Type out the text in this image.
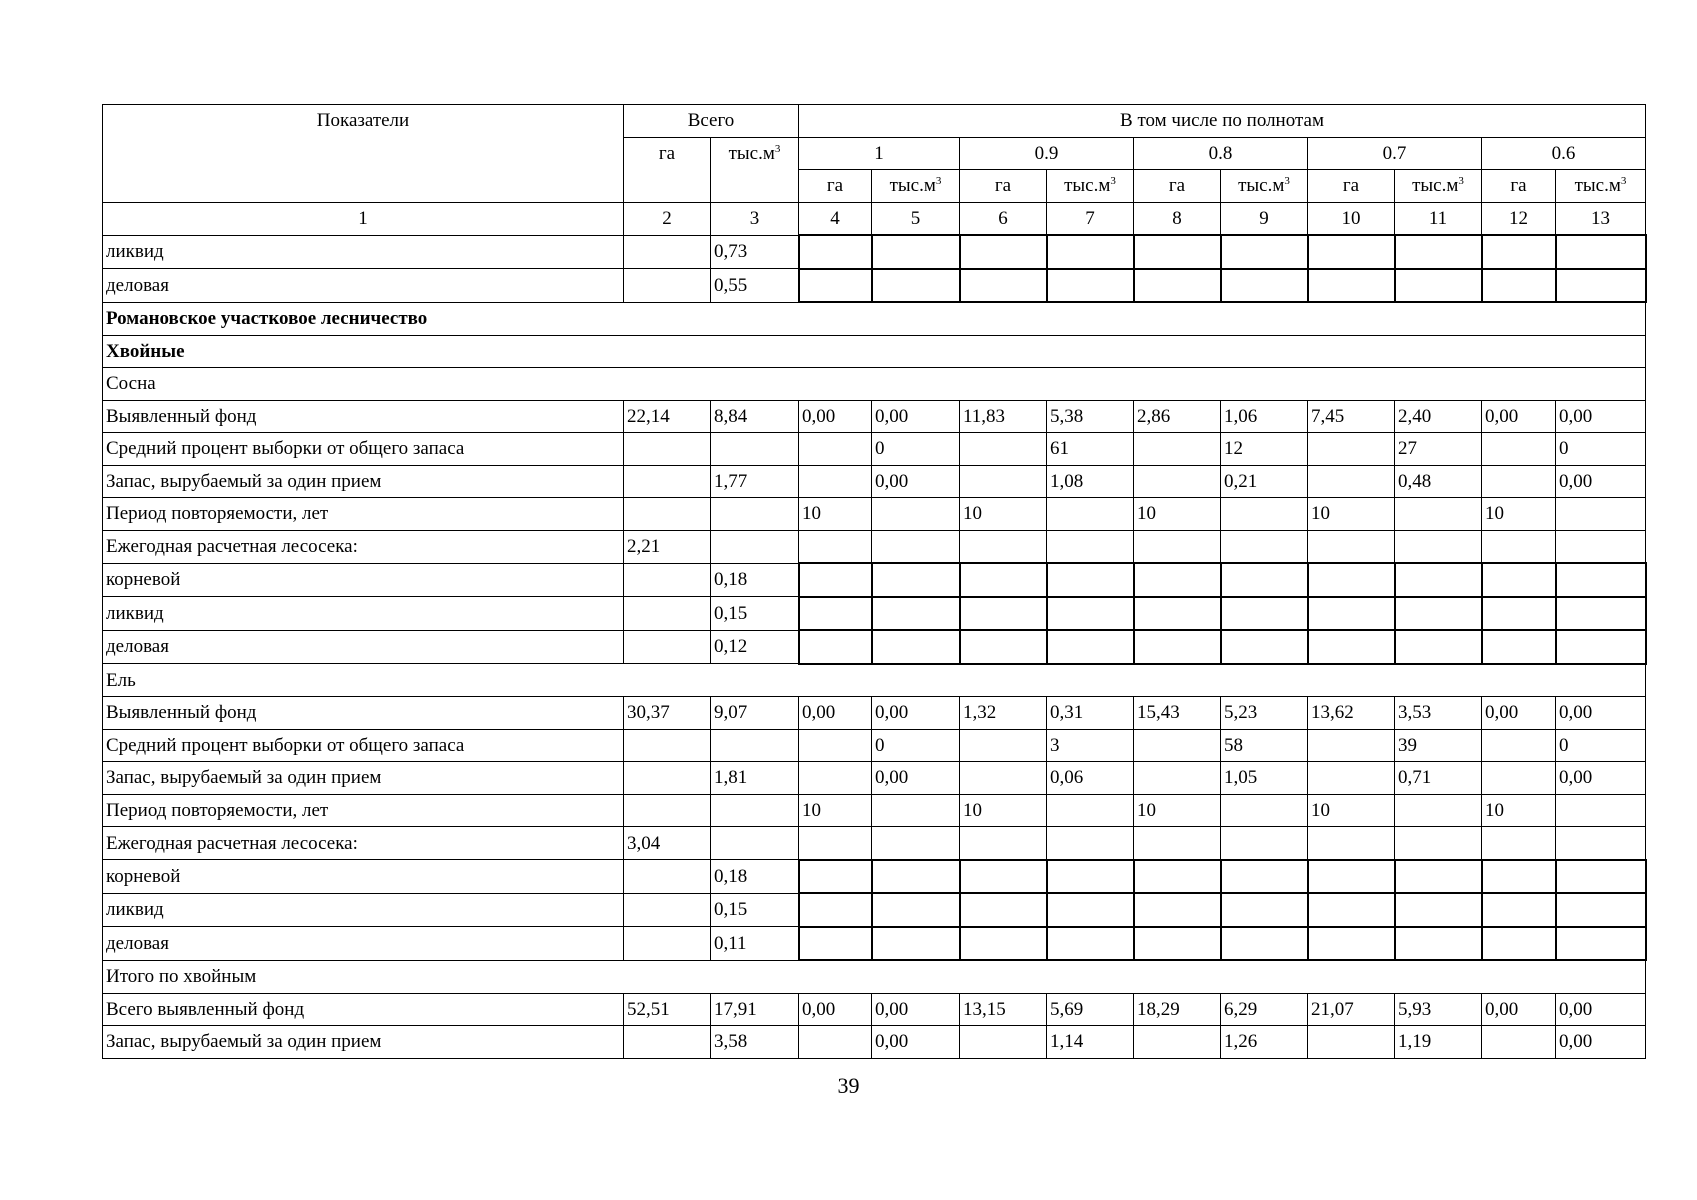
Показатели	Всего		В том числе по полнотам									
	га	$тыс.м^3$	1		0.9		0.8		0.7		0.6	
			га	$тыс.м^3$	га	$тыс.м^3$	га	$тыс.м^3$	га	$тыс.м^3$	га	$тыс.м^3$
1	2	3	4	5	6	7	8	9	10	11	12	13
ликвид		0,73										
деловая		0,55										
Романовское участковое лесничество												
Хвойные												
Сосна												
Выявленный фонд	22,14	8,84	0,00	0,00	11,83	5,38	2,86	1,06	7,45	2,40	0,00	0,00
Средний процент выборки от общего запаса				0		61		12		27		0
Запас, вырубаемый за один прием		1,77		0,00		1,08		0,21		0,48		0,00
Период повторяемости, лет			10		10		10		10		10	
Ежегодная расчетная лесосека:	2,21											
корневой		0,18										
ликвид		0,15										
деловая		0,12										
Ель												
Выявленный фонд	30,37	9,07	0,00	0,00	1,32	0,31	15,43	5,23	13,62	3,53	0,00	0,00
Средний процент выборки от общего запаса				0		3		58		39		0
Запас, вырубаемый за один прием		1,81		0,00		0,06		1,05		0,71		0,00
Период повторяемости, лет			10		10		10		10		10	
Ежегодная расчетная лесосека:	3,04											
корневой		0,18										
ликвид		0,15										
деловая		0,11										
Итого по хвойным												
Всего выявленный фонд	52,51	17,91	0,00	0,00	13,15	5,69	18,29	6,29	21,07	5,93	0,00	0,00
Запас, вырубаемый за один прием		3,58		0,00		1,14		1,26		1,19		0,00
39
